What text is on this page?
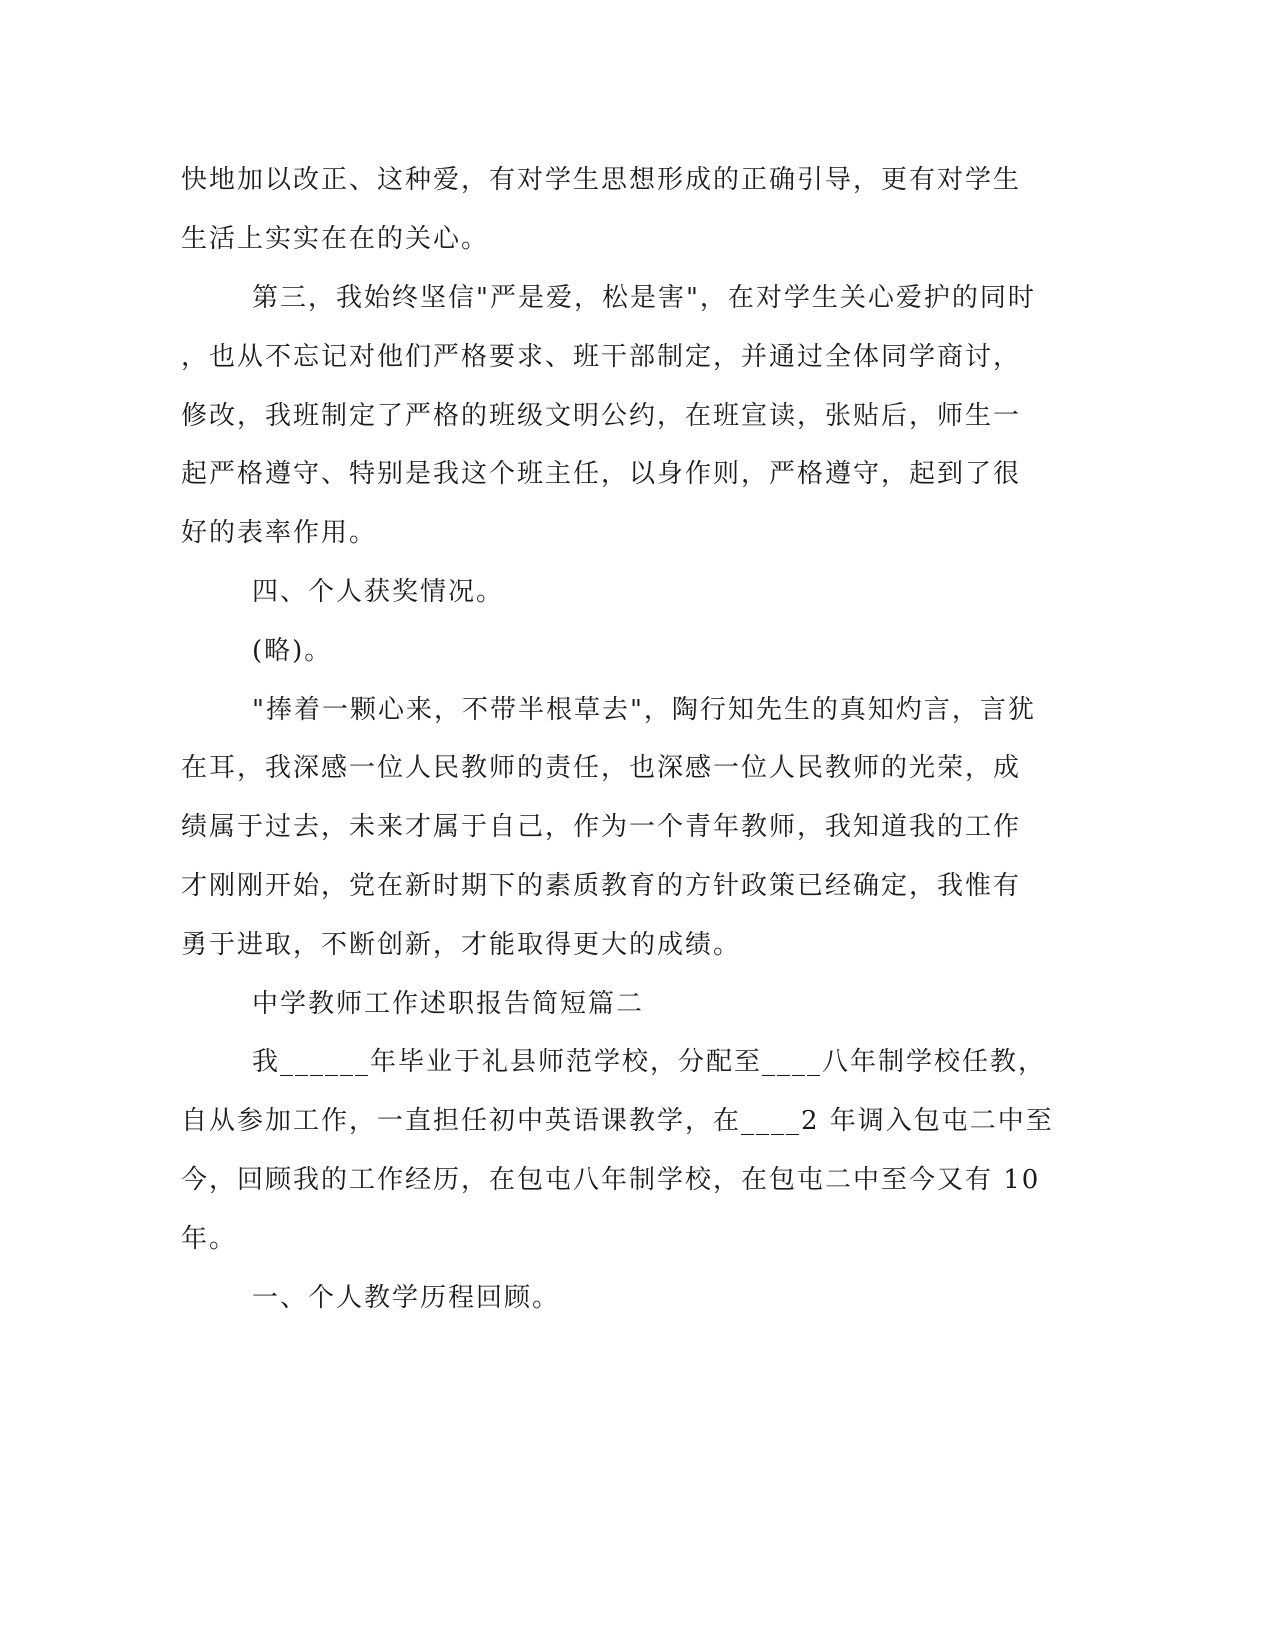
快地加以改正、这种爱，有对学生思想形成的正确引导，更有对学生
生活上实实在在的关心。
第三，我始终坚信"严是爱，松是害"，在对学生关心爱护的同时
，也从不忘记对他们严格要求、班干部制定，并通过全体同学商讨，
修改，我班制定了严格的班级文明公约，在班宣读，张贴后，师生一
起严格遵守、特别是我这个班主任，以身作则，严格遵守，起到了很
好的表率作用。
四、个人获奖情况。
(略)。
"捧着一颗心来，不带半根草去"，陶行知先生的真知灼言，言犹
在耳，我深感一位人民教师的责任，也深感一位人民教师的光荣，成
绩属于过去，未来才属于自己，作为一个青年教师，我知道我的工作
才刚刚开始，党在新时期下的素质教育的方针政策已经确定，我惟有
勇于进取，不断创新，才能取得更大的成绩。
中学教师工作述职报告简短篇二
我______年毕业于礼县师范学校，分配至____八年制学校任教，
自从参加工作，一直担任初中英语课教学，在____2 年调入包屯二中至
今，回顾我的工作经历，在包屯八年制学校，在包屯二中至今又有 10
年。
一、个人教学历程回顾。
